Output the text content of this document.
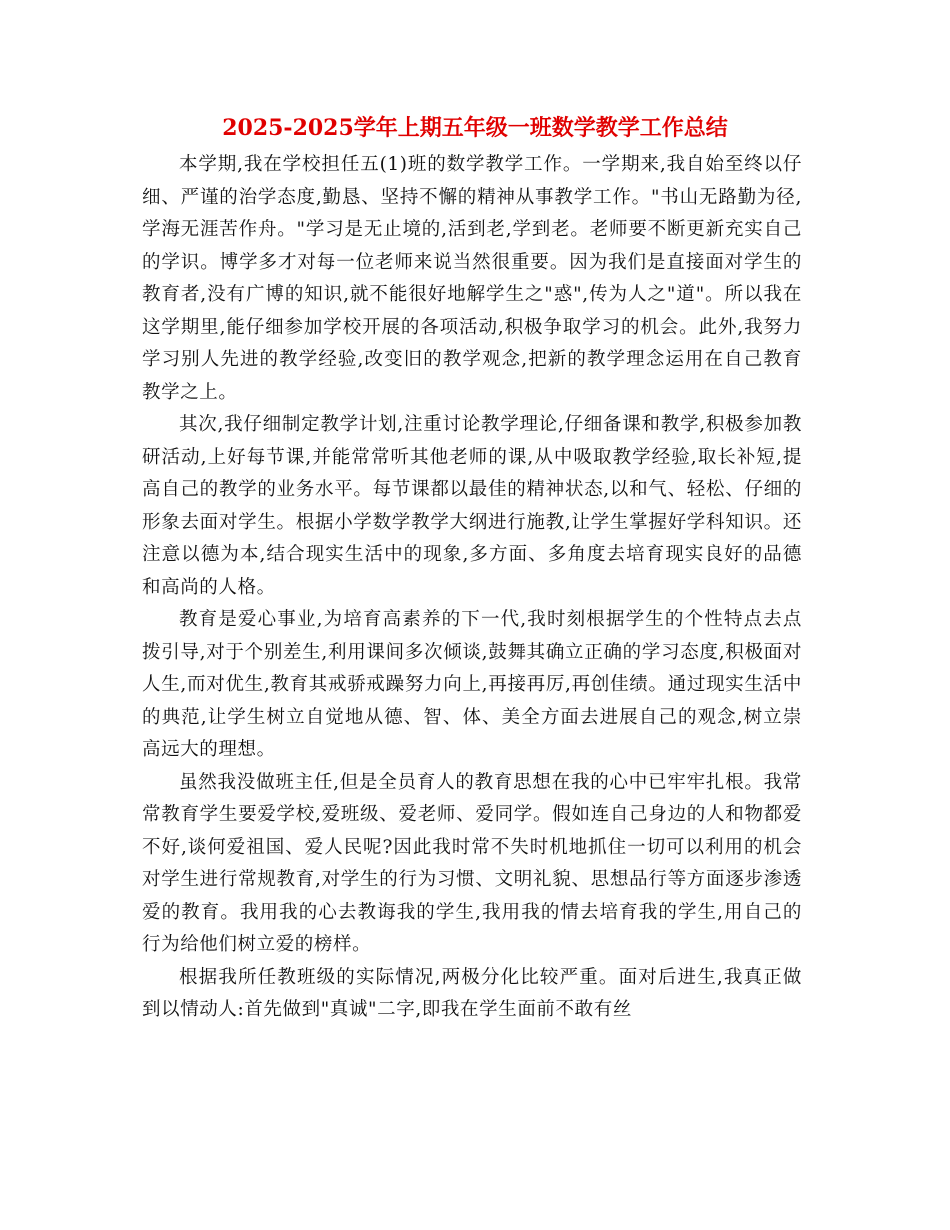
2025-2025学年上期五年级一班数学教学工作总结

本学期,我在学校担任五(1)班的数学教学工作。一学期来,我自始至终以仔细、严谨的治学态度,勤恳、坚持不懈的精神从事教学工作。"书山无路勤为径,学海无涯苦作舟。"学习是无止境的,活到老,学到老。老师要不断更新充实自己的学识。博学多才对每一位老师来说当然很重要。因为我们是直接面对学生的教育者,没有广博的知识,就不能很好地解学生之"惑",传为人之"道"。所以我在这学期里,能仔细参加学校开展的各项活动,积极争取学习的机会。此外,我努力学习别人先进的教学经验,改变旧的教学观念,把新的教学理念运用在自己教育教学之上。

其次,我仔细制定教学计划,注重讨论教学理论,仔细备课和教学,积极参加教研活动,上好每节课,并能常常听其他老师的课,从中吸取教学经验,取长补短,提高自己的教学的业务水平。每节课都以最佳的精神状态,以和气、轻松、仔细的形象去面对学生。根据小学数学教学大纲进行施教,让学生掌握好学科知识。还注意以德为本,结合现实生活中的现象,多方面、多角度去培育现实良好的品德和高尚的人格。

教育是爱心事业,为培育高素养的下一代,我时刻根据学生的个性特点去点拨引导,对于个别差生,利用课间多次倾谈,鼓舞其确立正确的学习态度,积极面对人生,而对优生,教育其戒骄戒躁努力向上,再接再厉,再创佳绩。通过现实生活中的典范,让学生树立自觉地从德、智、体、美全方面去进展自己的观念,树立崇高远大的理想。

虽然我没做班主任,但是全员育人的教育思想在我的心中已牢牢扎根。我常常教育学生要爱学校,爱班级、爱老师、爱同学。假如连自己身边的人和物都爱不好,谈何爱祖国、爱人民呢?因此我时常不失时机地抓住一切可以利用的机会对学生进行常规教育,对学生的行为习惯、文明礼貌、思想品行等方面逐步渗透爱的教育。我用我的心去教诲我的学生,我用我的情去培育我的学生,用自己的行为给他们树立爱的榜样。

根据我所任教班级的实际情况,两极分化比较严重。面对后进生,我真正做到以情动人:首先做到"真诚"二字,即我在学生面前不敢有丝
